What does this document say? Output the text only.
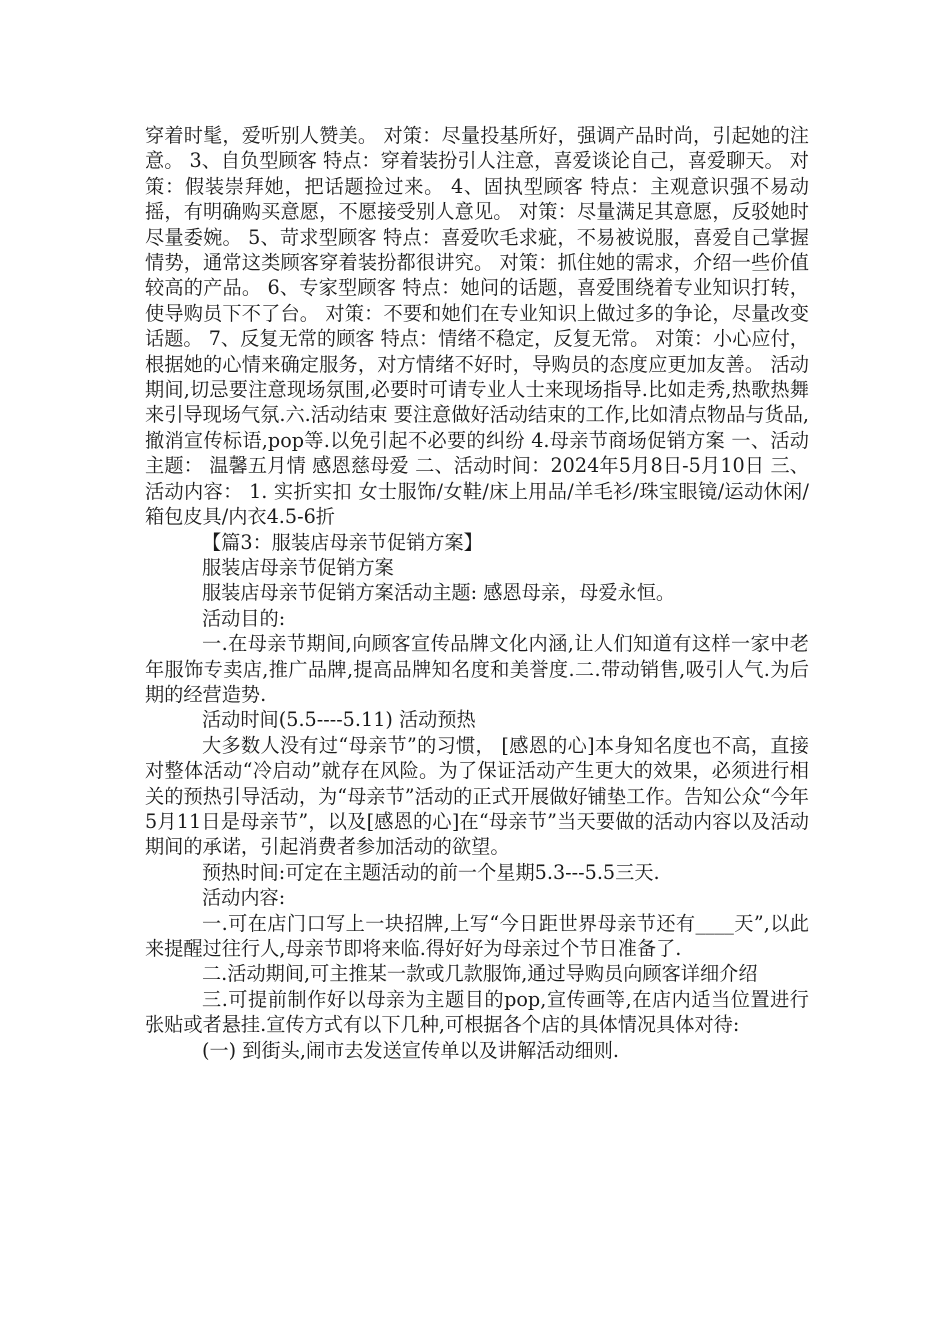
穿着时髦，爱听别人赞美。 对策：尽量投基所好，强调产品时尚，引起她的注意。 3、自负型顾客 特点：穿着装扮引人注意，喜爱谈论自己，喜爱聊天。 对策：假装崇拜她，把话题捡过来。 4、固执型顾客 特点：主观意识强不易动摇，有明确购买意愿，不愿接受别人意见。 对策：尽量满足其意愿，反驳她时尽量委婉。 5、苛求型顾客 特点：喜爱吹毛求疵，不易被说服，喜爱自己掌握情势，通常这类顾客穿着装扮都很讲究。 对策：抓住她的需求，介绍一些价值较高的产品。 6、专家型顾客 特点：她问的话题，喜爱围绕着专业知识打转，使导购员下不了台。 对策：不要和她们在专业知识上做过多的争论，尽量改变话题。 7、反复无常的顾客 特点：情绪不稳定，反复无常。 对策：小心应付，根据她的心情来确定服务，对方情绪不好时，导购员的态度应更加友善。 活动期间,切忌要注意现场氛围,必要时可请专业人士来现场指导.比如走秀,热歌热舞来引导现场气氛.六.活动结束 要注意做好活动结束的工作,比如清点物品与货品,撤消宣传标语,pop等.以免引起不必要的纠纷 4.母亲节商场促销方案 一、活动主题： 温馨五月情 感恩慈母爱 二、活动时间：2024年5月8日-5月10日 三、活动内容： 1. 实折实扣 女士服饰/女鞋/床上用品/羊毛衫/珠宝眼镜/运动休闲/箱包皮具/内衣4.5-6折

【篇3：服装店母亲节促销方案】

服装店母亲节促销方案

服装店母亲节促销方案活动主题: 感恩母亲，母爱永恒。

活动目的:

一.在母亲节期间,向顾客宣传品牌文化内涵,让人们知道有这样一家中老年服饰专卖店,推广品牌,提高品牌知名度和美誉度.二.带动销售,吸引人气.为后期的经营造势.

活动时间(5.5----5.11) 活动预热

大多数人没有过“母亲节”的习惯， [感恩的心]本身知名度也不高，直接对整体活动“冷启动”就存在风险。为了保证活动产生更大的效果，必须进行相关的预热引导活动，为“母亲节”活动的正式开展做好铺垫工作。告知公众“今年5月11日是母亲节”，以及[感恩的心]在“母亲节”当天要做的活动内容以及活动期间的承诺，引起消费者参加活动的欲望。

预热时间:可定在主题活动的前一个星期5.3---5.5三天.

活动内容:

一.可在店门口写上一块招牌,上写“今日距世界母亲节还有____天”,以此来提醒过往行人,母亲节即将来临.得好好为母亲过个节日准备了.

二.活动期间,可主推某一款或几款服饰,通过导购员向顾客详细介绍

三.可提前制作好以母亲为主题目的pop,宣传画等,在店内适当位置进行张贴或者悬挂.宣传方式有以下几种,可根据各个店的具体情况具体对待:

(一) 到街头,闹市去发送宣传单以及讲解活动细则.
